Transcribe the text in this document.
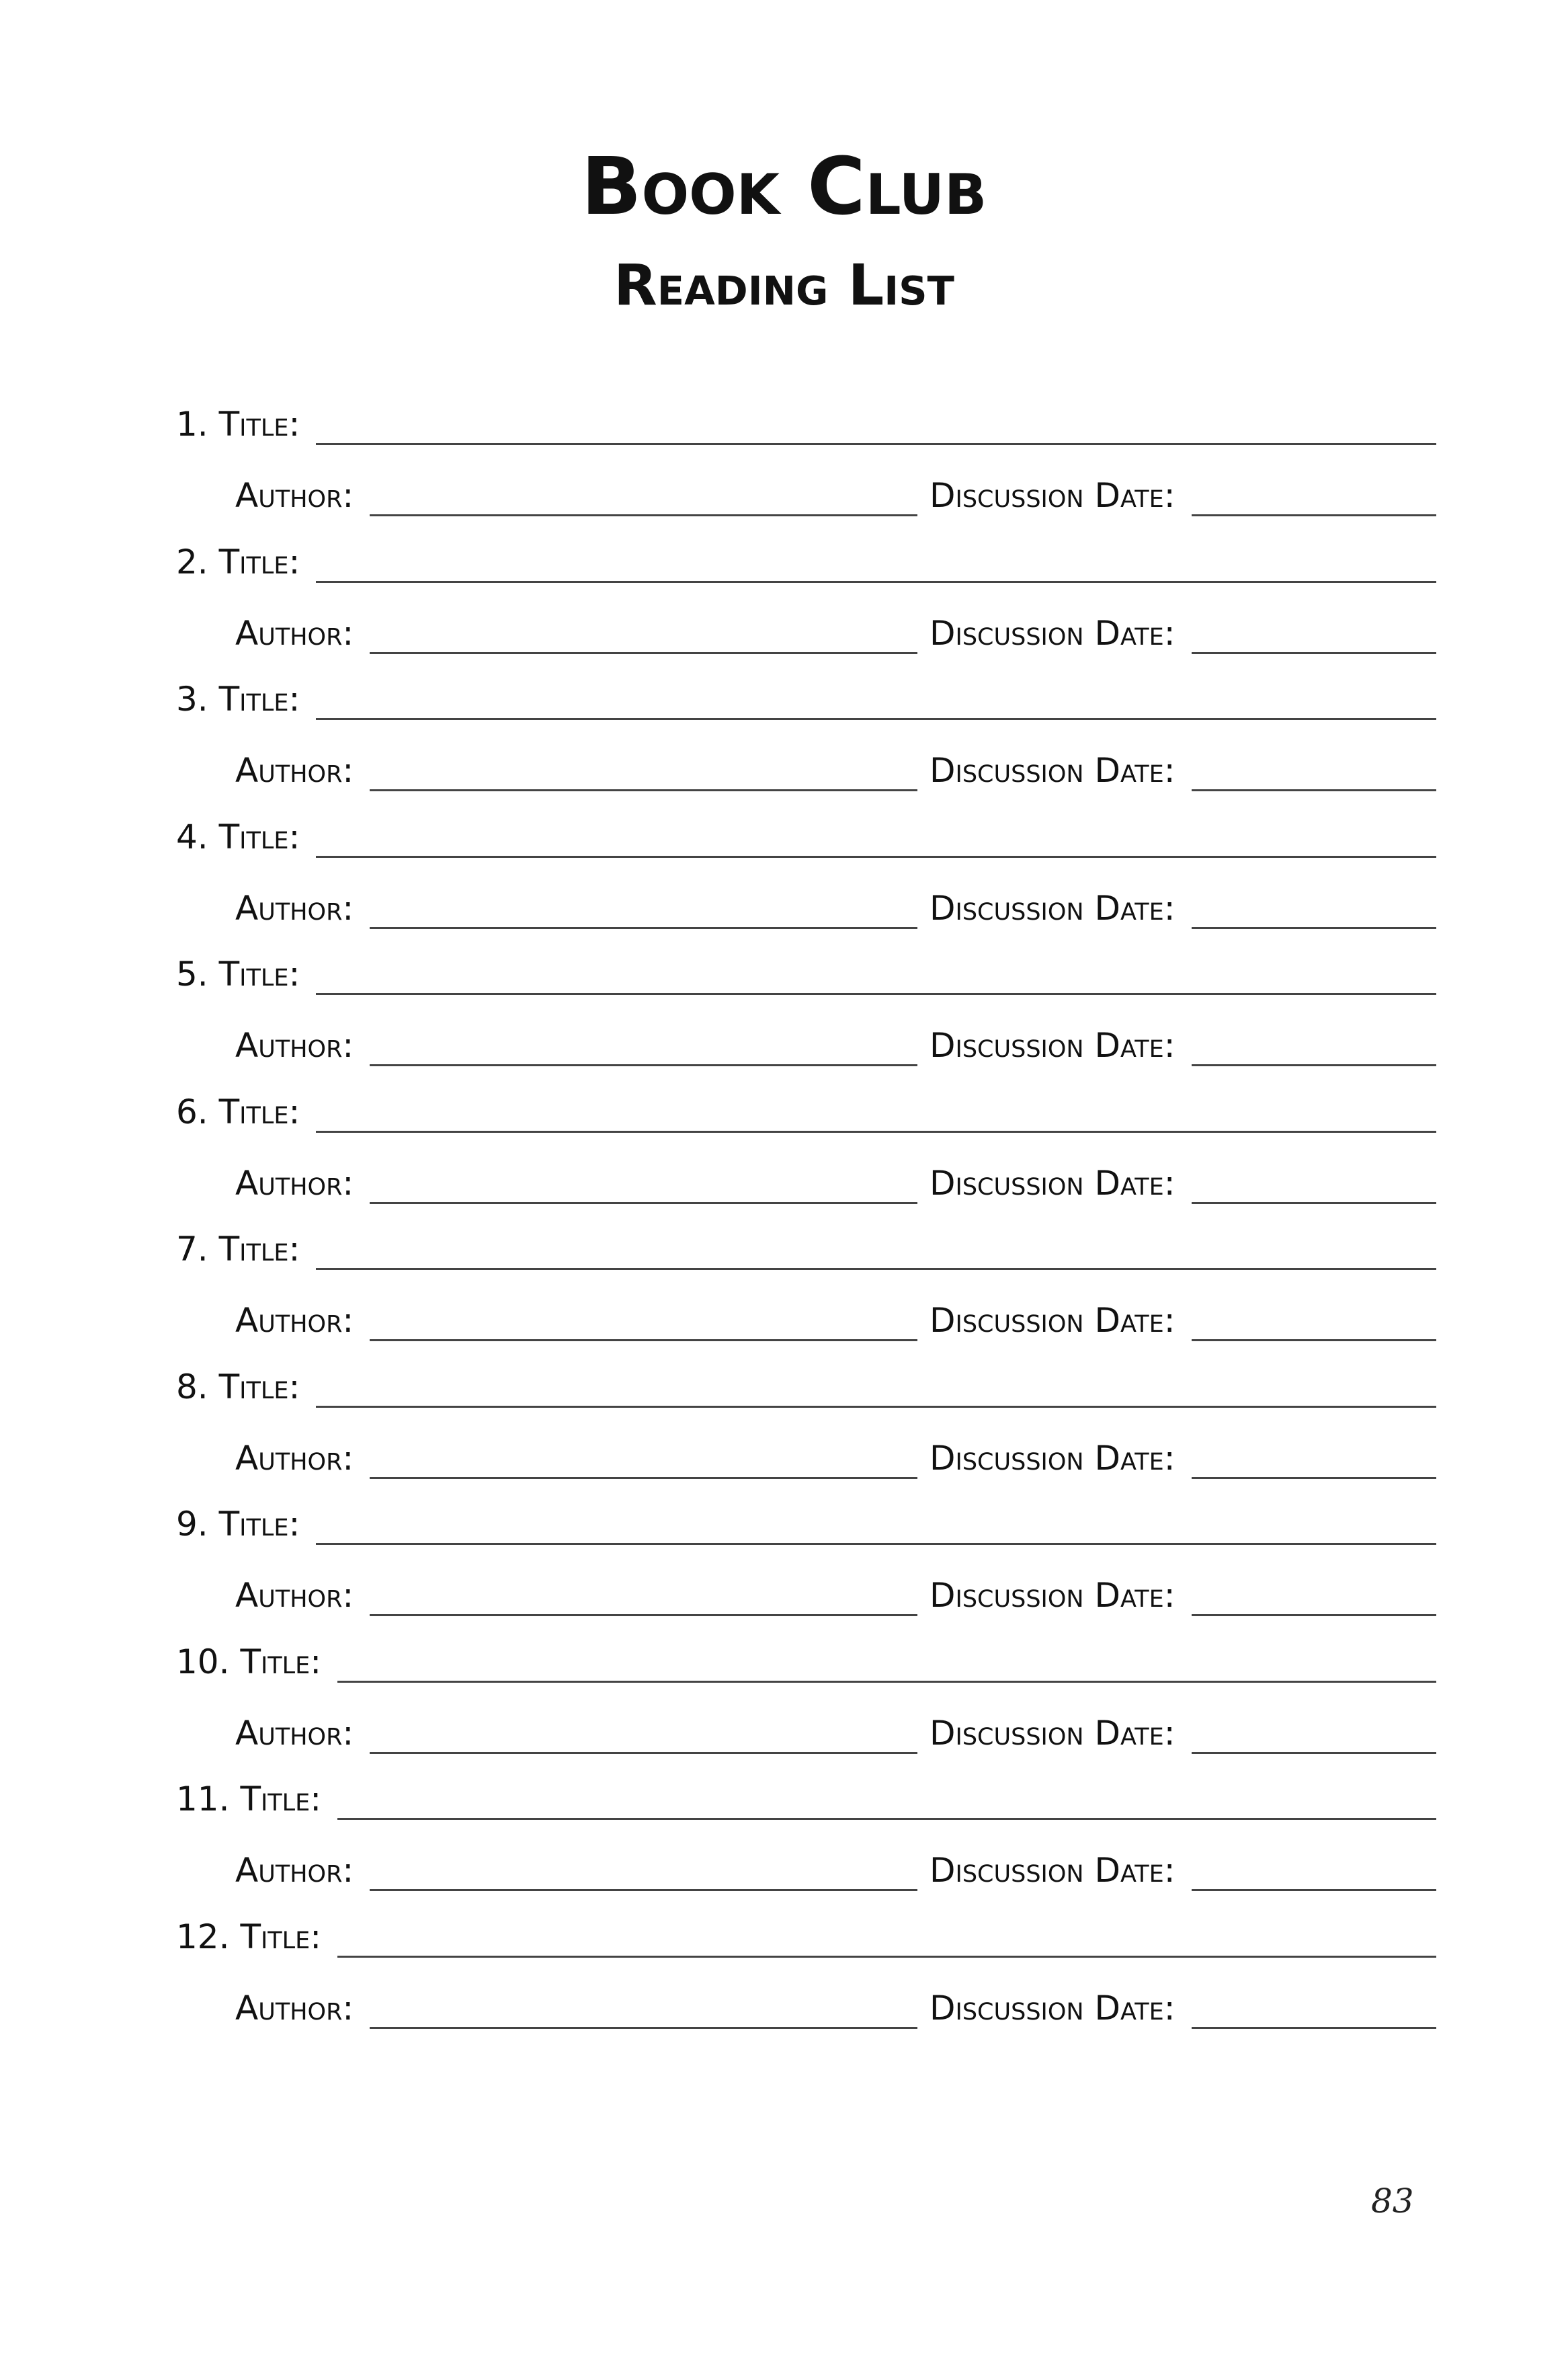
Book Club
Reading List
1. Title:
Author:	Discussion Date:
2. Title:
Author:	Discussion Date:
3. Title:
Author:	Discussion Date:
4. Title:
Author:	Discussion Date:
5. Title:
Author:	Discussion Date:
6. Title:
Author:	Discussion Date:
7. Title:
Author:	Discussion Date:
8. Title:
Author:	Discussion Date:
9. Title:
Author:	Discussion Date:
10. Title:
Author:	Discussion Date:
11. Title:
Author:	Discussion Date:
12. Title:
Author:	Discussion Date:
83
